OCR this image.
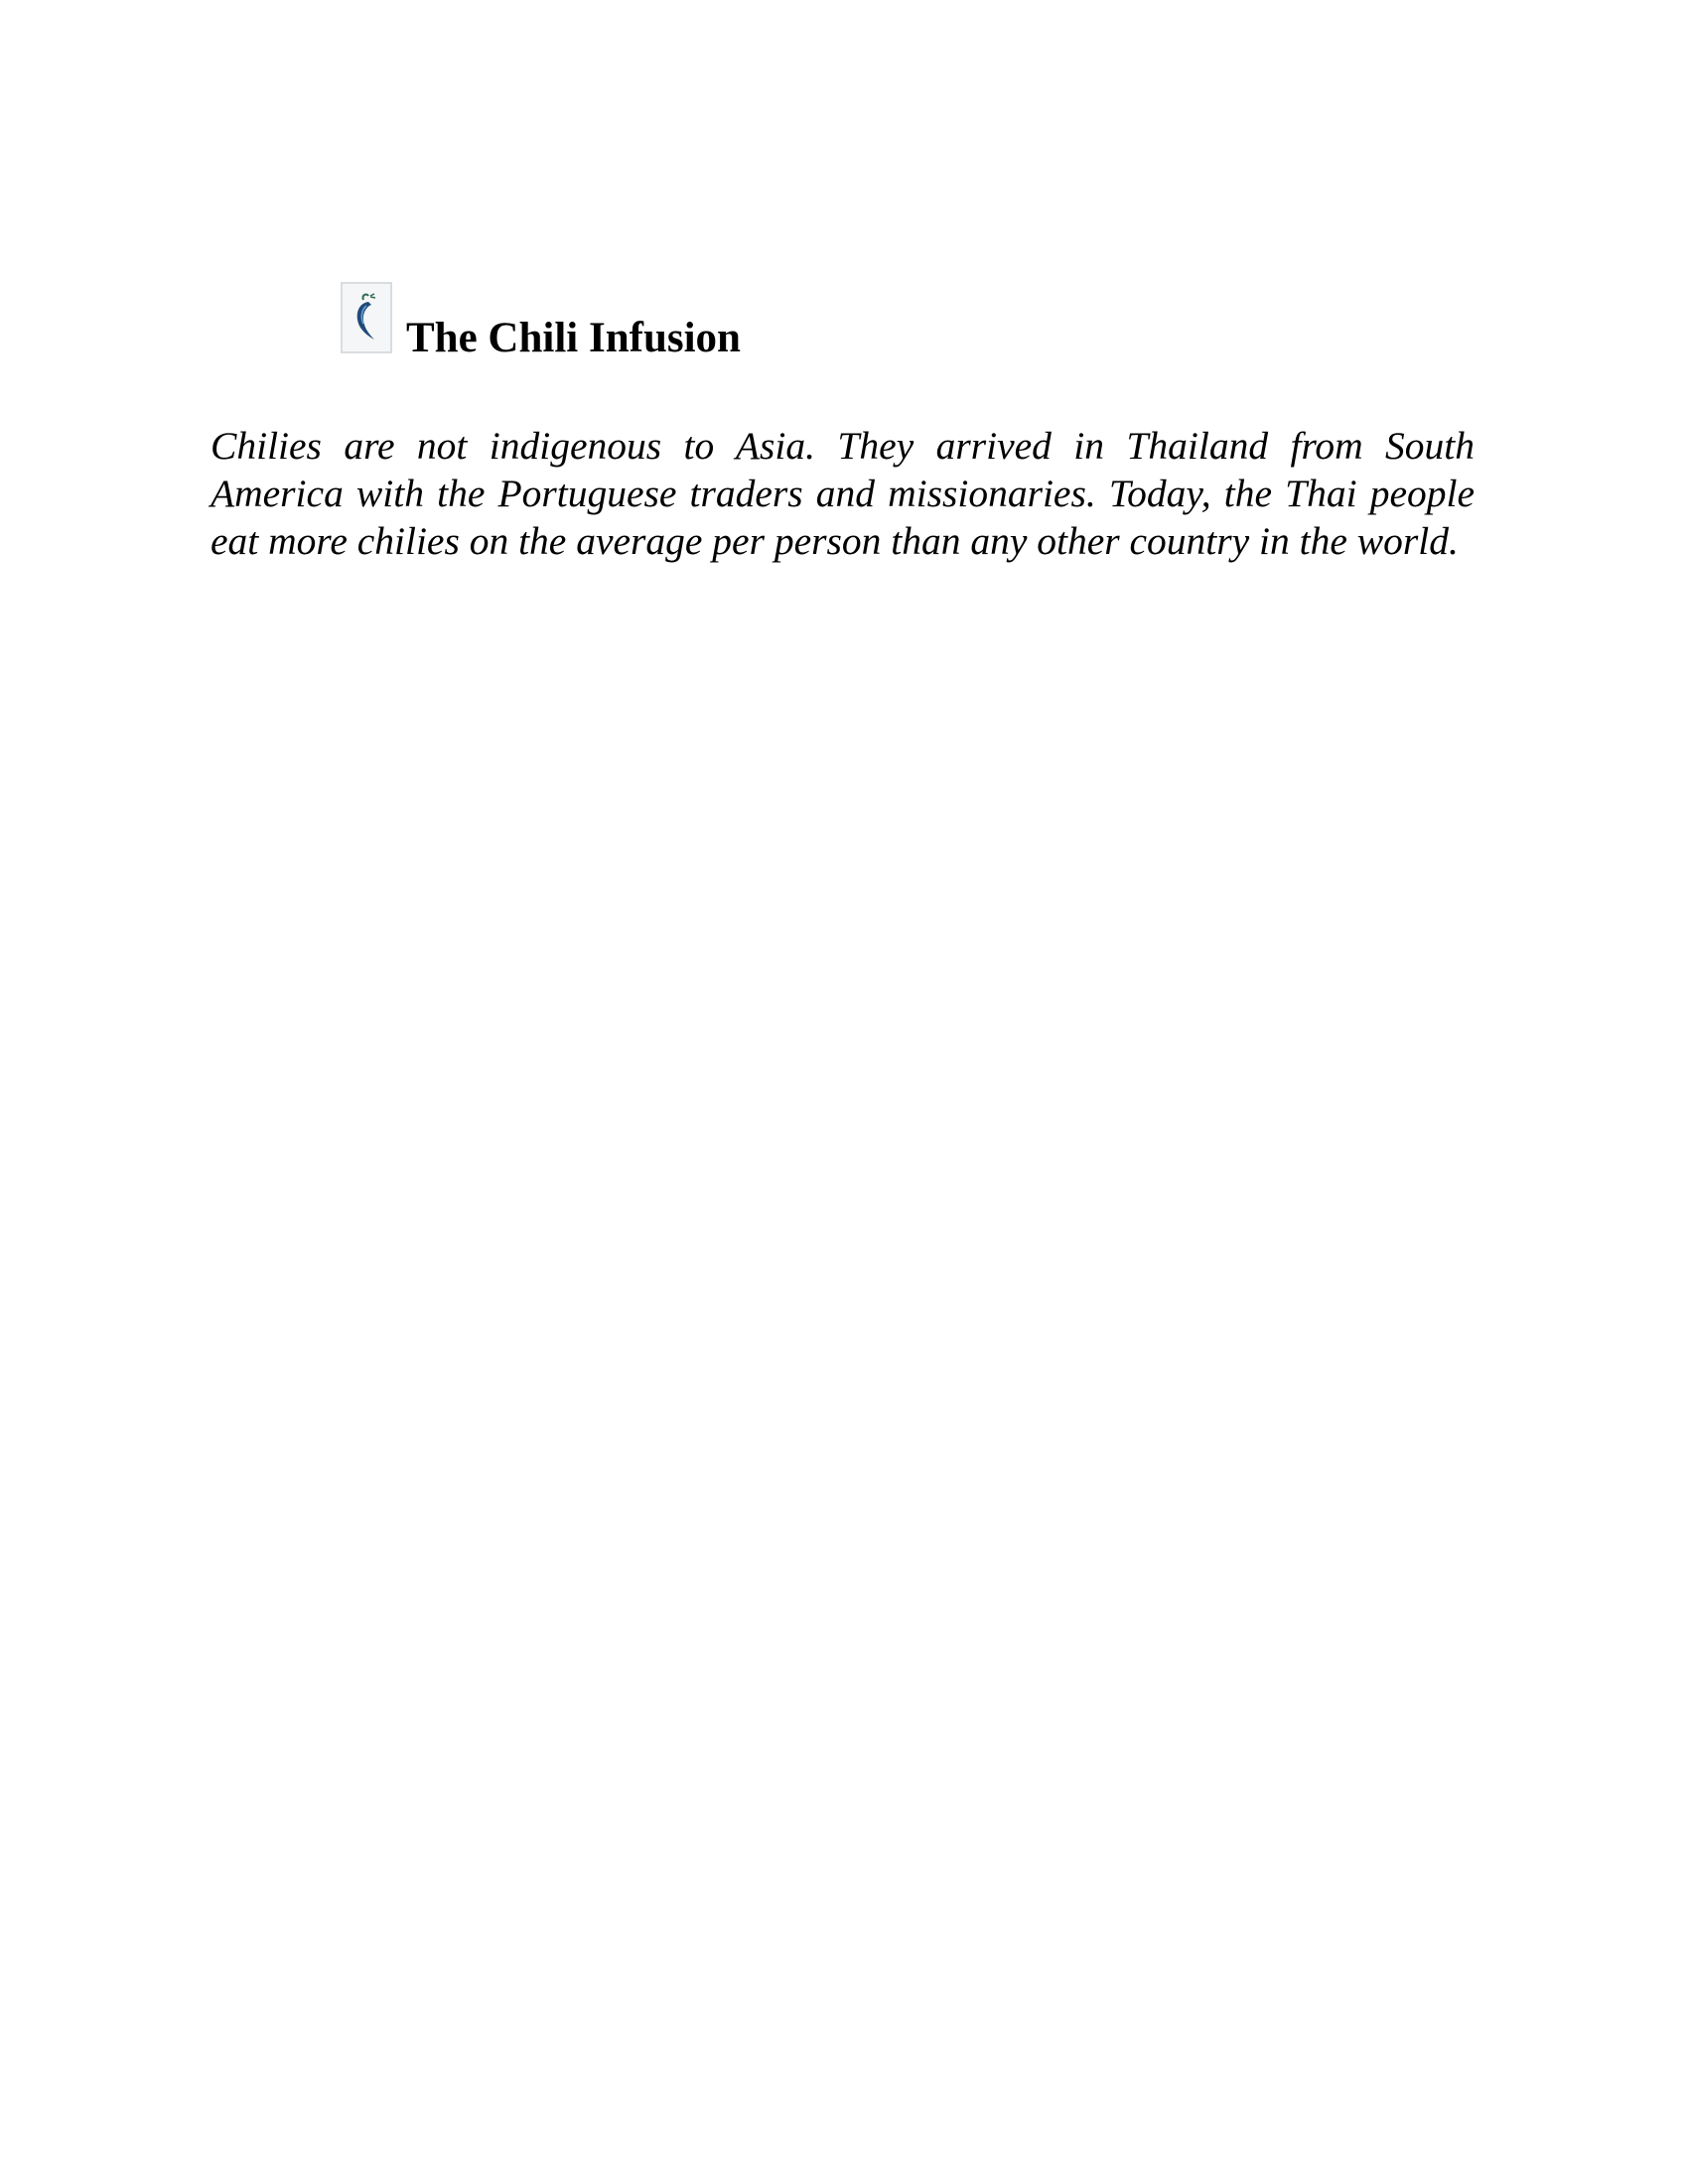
The Chili Infusion

Chilies are not indigenous to Asia. They arrived in Thailand from South America with the Portuguese traders and missionaries. Today, the Thai people eat more chilies on the average per person than any other country in the world.
